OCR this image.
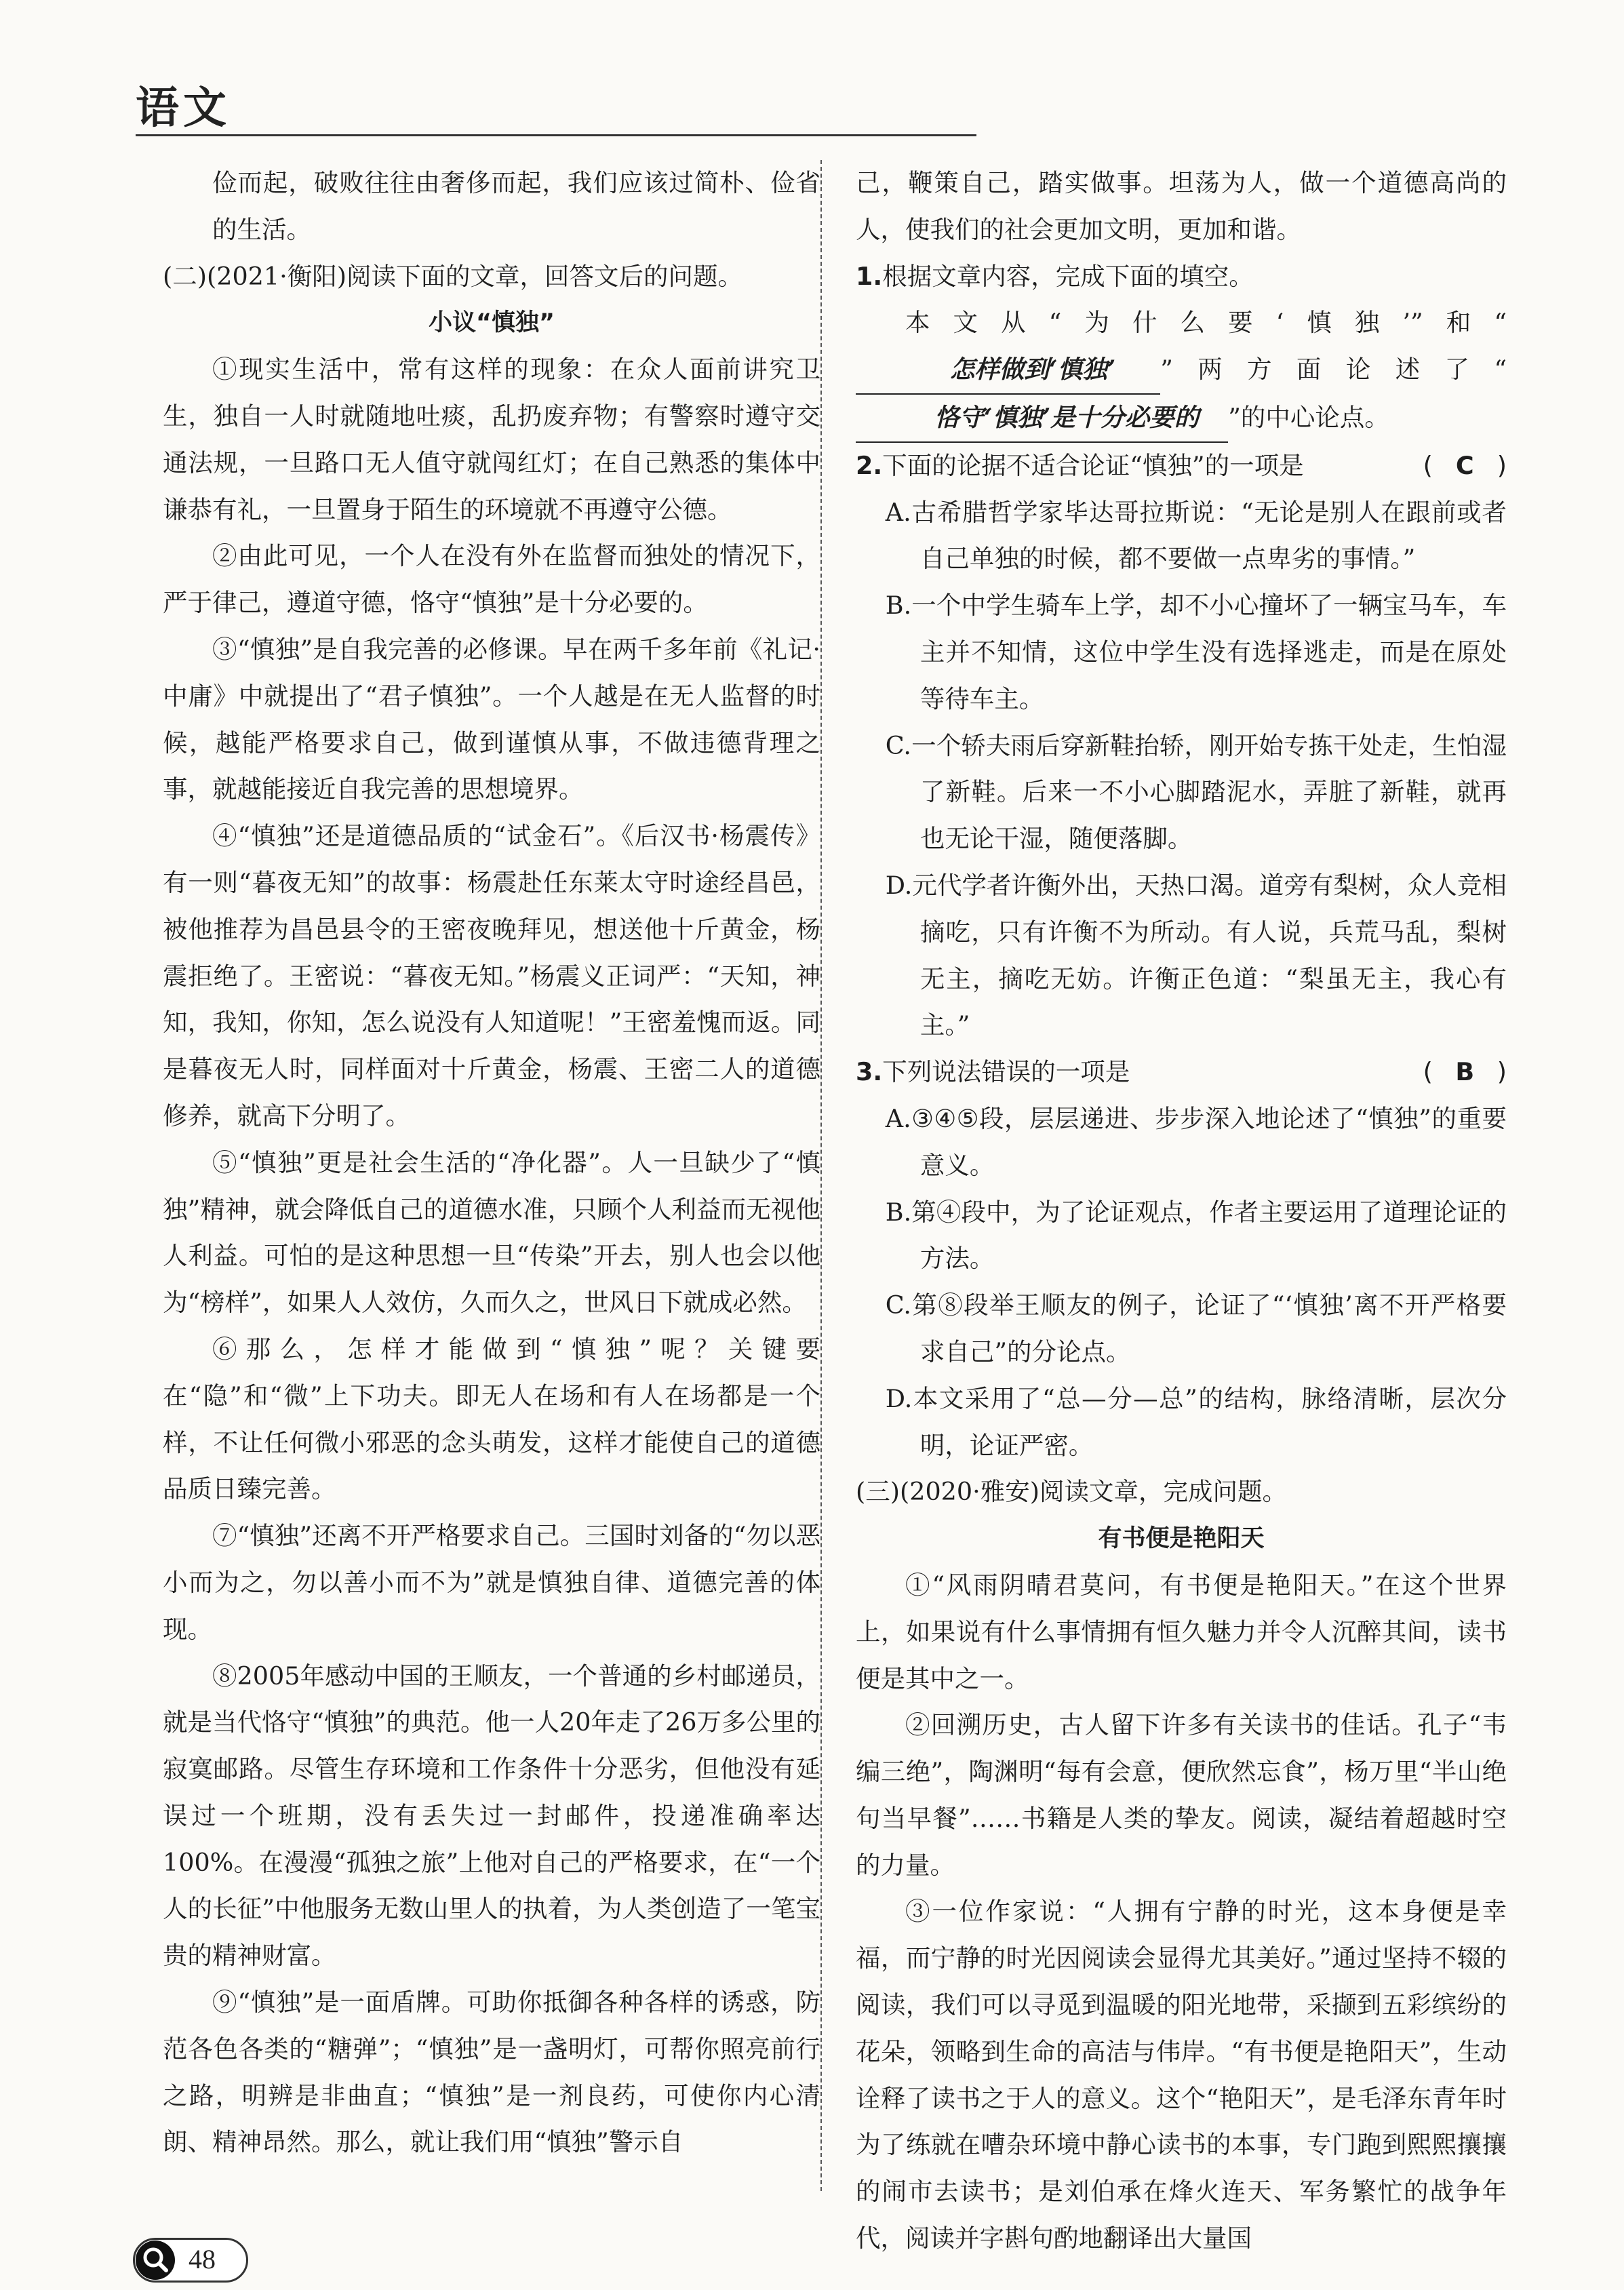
语文

俭而起，破败往往由奢侈而起，我们应该过简朴、俭省的生活。

(二)(2021·衡阳)阅读下面的文章，回答文后的问题。

小议“慎独”

①现实生活中，常有这样的现象：在众人面前讲究卫生，独自一人时就随地吐痰，乱扔废弃物；有警察时遵守交通法规，一旦路口无人值守就闯红灯；在自己熟悉的集体中谦恭有礼，一旦置身于陌生的环境就不再遵守公德。

②由此可见，一个人在没有外在监督而独处的情况下，严于律己，遵道守德，恪守“慎独”是十分必要的。

③“慎独”是自我完善的必修课。早在两千多年前《礼记·中庸》中就提出了“君子慎独”。一个人越是在无人监督的时候，越能严格要求自己，做到谨慎从事，不做违德背理之事，就越能接近自我完善的思想境界。

④“慎独”还是道德品质的“试金石”。《后汉书·杨震传》有一则“暮夜无知”的故事：杨震赴任东莱太守时途经昌邑，被他推荐为昌邑县令的王密夜晚拜见，想送他十斤黄金，杨震拒绝了。王密说：“暮夜无知。”杨震义正词严：“天知，神知，我知，你知，怎么说没有人知道呢！”王密羞愧而返。同是暮夜无人时，同样面对十斤黄金，杨震、王密二人的道德修养，就高下分明了。

⑤“慎独”更是社会生活的“净化器”。人一旦缺少了“慎独”精神，就会降低自己的道德水准，只顾个人利益而无视他人利益。可怕的是这种思想一旦“传染”开去，别人也会以他为“榜样”，如果人人效仿，久而久之，世风日下就成必然。

⑥那么，怎样才能做到“慎独”呢？关键要在“隐”和“微”上下功夫。即无人在场和有人在场都是一个样，不让任何微小邪恶的念头萌发，这样才能使自己的道德品质日臻完善。

⑦“慎独”还离不开严格要求自己。三国时刘备的“勿以恶小而为之，勿以善小而不为”就是慎独自律、道德完善的体现。

⑧2005年感动中国的王顺友，一个普通的乡村邮递员，就是当代恪守“慎独”的典范。他一人20年走了26万多公里的寂寞邮路。尽管生存环境和工作条件十分恶劣，但他没有延误过一个班期，没有丢失过一封邮件，投递准确率达100%。在漫漫“孤独之旅”上他对自己的严格要求，在“一个人的长征”中他服务无数山里人的执着，为人类创造了一笔宝贵的精神财富。

⑨“慎独”是一面盾牌。可助你抵御各种各样的诱惑，防范各色各类的“糖弹”；“慎独”是一盏明灯，可帮你照亮前行之路，明辨是非曲直；“慎独”是一剂良药，可使你内心清朗、精神昂然。那么，就让我们用“慎独”警示自

己，鞭策自己，踏实做事。坦荡为人，做一个道德高尚的人，使我们的社会更加文明，更加和谐。

1.根据文章内容，完成下面的填空。

本文从“为什么要‘慎独’”和“怎样做到‘慎独’ ”两方面论述了“恪守‘慎独’是十分必要的 ”的中心论点。

( C )
2.下面的论据不适合论证“慎独”的一项是

A.古希腊哲学家毕达哥拉斯说：“无论是别人在跟前或者自己单独的时候，都不要做一点卑劣的事情。”

B.一个中学生骑车上学，却不小心撞坏了一辆宝马车，车主并不知情，这位中学生没有选择逃走，而是在原处等待车主。

C.一个轿夫雨后穿新鞋抬轿，刚开始专拣干处走，生怕湿了新鞋。后来一不小心脚踏泥水，弄脏了新鞋，就再也无论干湿，随便落脚。

D.元代学者许衡外出，天热口渴。道旁有梨树，众人竞相摘吃，只有许衡不为所动。有人说，兵荒马乱，梨树无主，摘吃无妨。许衡正色道：“梨虽无主，我心有主。”

( B )
3.下列说法错误的一项是

A.③④⑤段，层层递进、步步深入地论述了“慎独”的重要意义。

B.第④段中，为了论证观点，作者主要运用了道理论证的方法。

C.第⑧段举王顺友的例子，论证了“‘慎独’离不开严格要求自己”的分论点。

D.本文采用了“总—分—总”的结构，脉络清晰，层次分明，论证严密。

(三)(2020·雅安)阅读文章，完成问题。

有书便是艳阳天

①“风雨阴晴君莫问，有书便是艳阳天。”在这个世界上，如果说有什么事情拥有恒久魅力并令人沉醉其间，读书便是其中之一。

②回溯历史，古人留下许多有关读书的佳话。孔子“韦编三绝”，陶渊明“每有会意，便欣然忘食”，杨万里“半山绝句当早餐”……书籍是人类的挚友。阅读，凝结着超越时空的力量。

③一位作家说：“人拥有宁静的时光，这本身便是幸福，而宁静的时光因阅读会显得尤其美好。”通过坚持不辍的阅读，我们可以寻觅到温暖的阳光地带，采撷到五彩缤纷的花朵，领略到生命的高洁与伟岸。“有书便是艳阳天”，生动诠释了读书之于人的意义。这个“艳阳天”，是毛泽东青年时为了练就在嘈杂环境中静心读书的本事，专门跑到熙熙攘攘的闹市去读书；是刘伯承在烽火连天、军务繁忙的战争年代，阅读并字斟句酌地翻译出大量国

48
